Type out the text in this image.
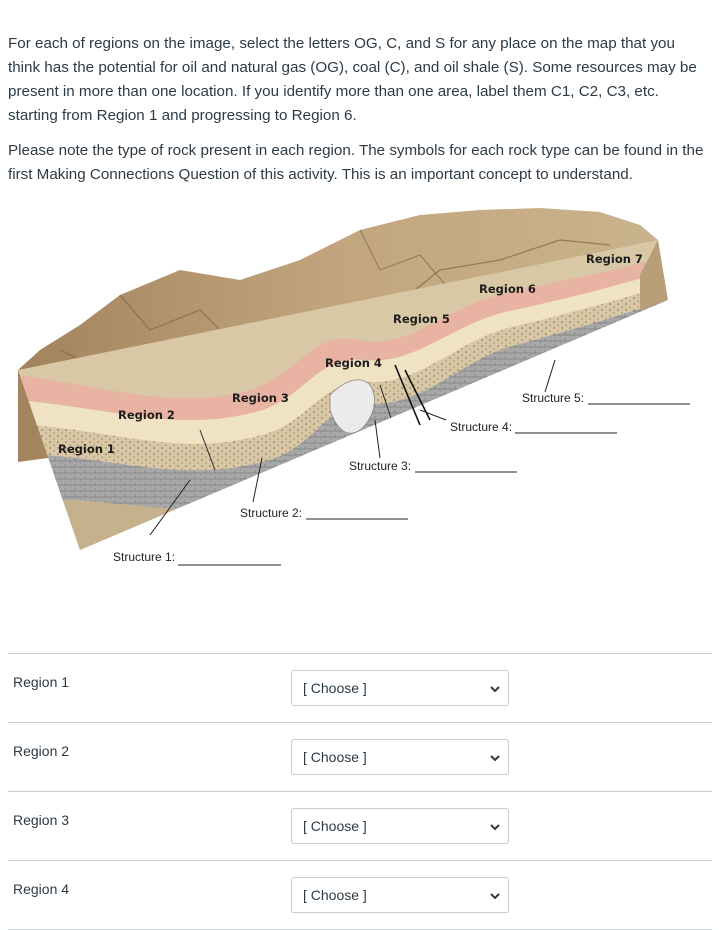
For each of regions on the image, select the letters OG, C, and S for any place on the map that you think has the potential for oil and natural gas (OG), coal (C), and oil shale (S). Some resources may be present in more than one location. If you identify more than one area, label them C1, C2, C3, etc. starting from Region 1 and progressing to Region 6.

Please note the type of rock present in each region. The symbols for each rock type can be found in the first Making Connections Question of this activity. This is an important concept to understand.

Region 1
Region 2
Region 3
Region 4
Region 5
Region 6
Region 7
Structure 1:
Structure 2:
Structure 3:
Structure 4:
Structure 5:
Region 1	[ Choose ]
Region 2	[ Choose ]
Region 3	[ Choose ]
Region 4	[ Choose ]
